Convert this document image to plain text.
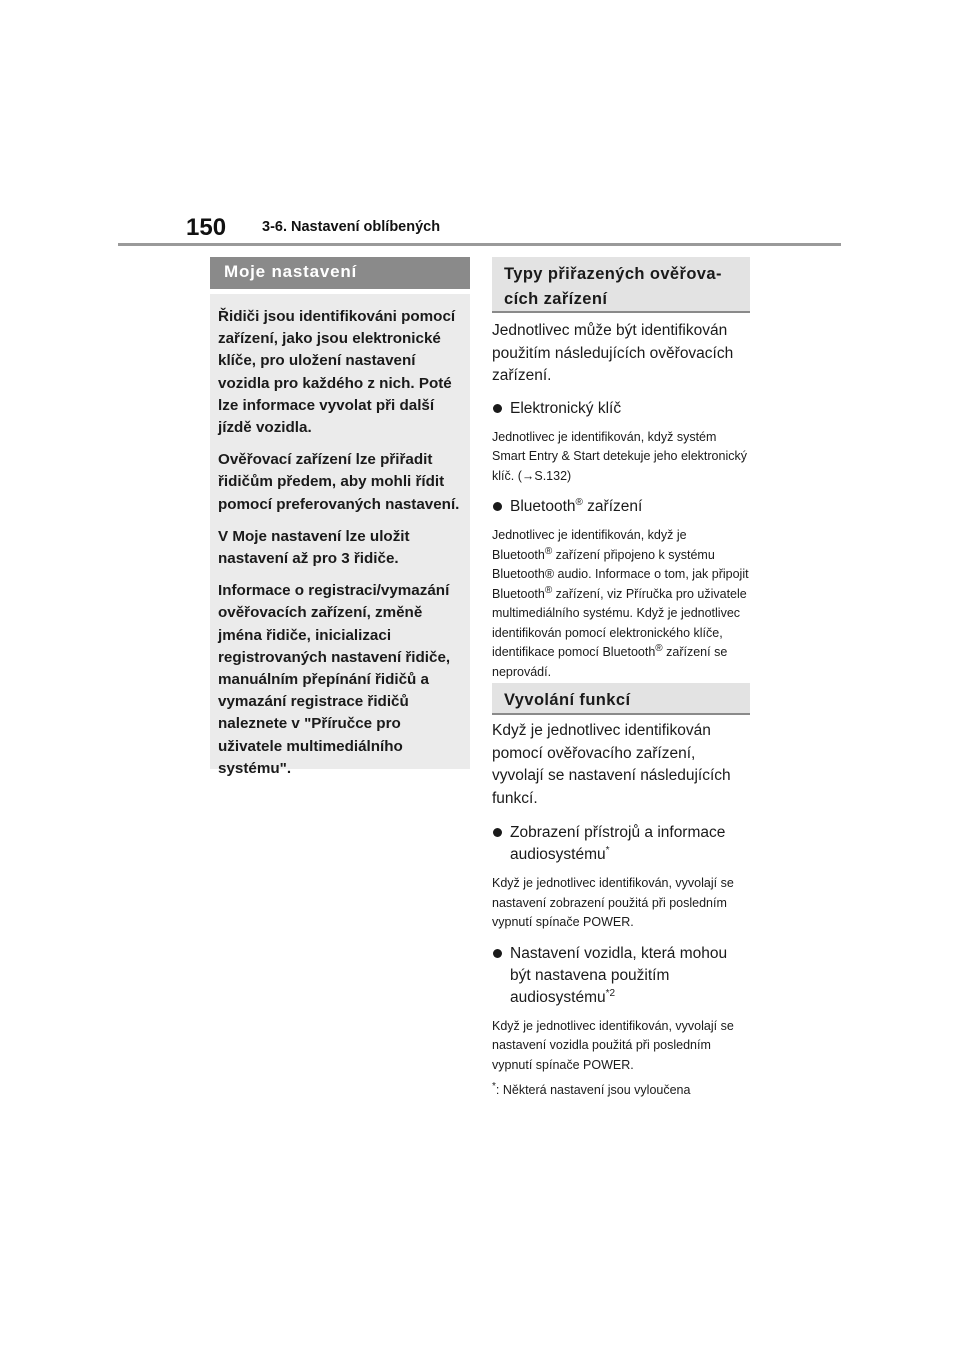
150 3-6. Nastavení oblíbených
Moje nastavení

Řidiči jsou identifikováni pomocí zařízení, jako jsou elektronické klíče, pro uložení nastavení vozidla pro každého z nich. Poté lze informace vyvolat při další jízdě vozidla.

Ověřovací zařízení lze přiřadit řidičům předem, aby mohli řídit pomocí preferovaných nastavení.

V Moje nastavení lze uložit nastavení až pro 3 řidiče.

Informace o registraci/vymazání ověřovacích zařízení, změně jména řidiče, inicializaci registrovaných nastavení řidiče, manuálním přepínání řidičů a vymazání registrace řidičů naleznete v "Příručce pro uživatele multimediálního systému".

Typy přiřazených ověřova-
cích zařízení

Jednotlivec může být identifikován použitím následujících ověřovacích zařízení.

Elektronický klíč

Jednotlivec je identifikován, když systém Smart Entry & Start detekuje jeho elektronický klíč. (→S.132)

Bluetooth® zařízení

Jednotlivec je identifikován, když je Bluetooth® zařízení připojeno k systému Bluetooth® audio. Informace o tom, jak připojit Bluetooth® zařízení, viz Příručka pro uživatele multimediálního systému. Když je jednotlivec identifikován pomocí elektronického klíče, identifikace pomocí Bluetooth® zařízení se neprovádí.

Vyvolání funkcí

Když je jednotlivec identifikován pomocí ověřovacího zařízení, vyvolají se nastavení následujících funkcí.

Zobrazení přístrojů a informace audiosystému*

Když je jednotlivec identifikován, vyvolají se nastavení zobrazení použitá při posledním vypnutí spínače POWER.

Nastavení vozidla, která mohou být nastavena použitím audiosystému$^{*2}$

Když je jednotlivec identifikován, vyvolají se nastavení vozidla použitá při posledním vypnutí spínače POWER.

*: Některá nastavení jsou vyloučena
